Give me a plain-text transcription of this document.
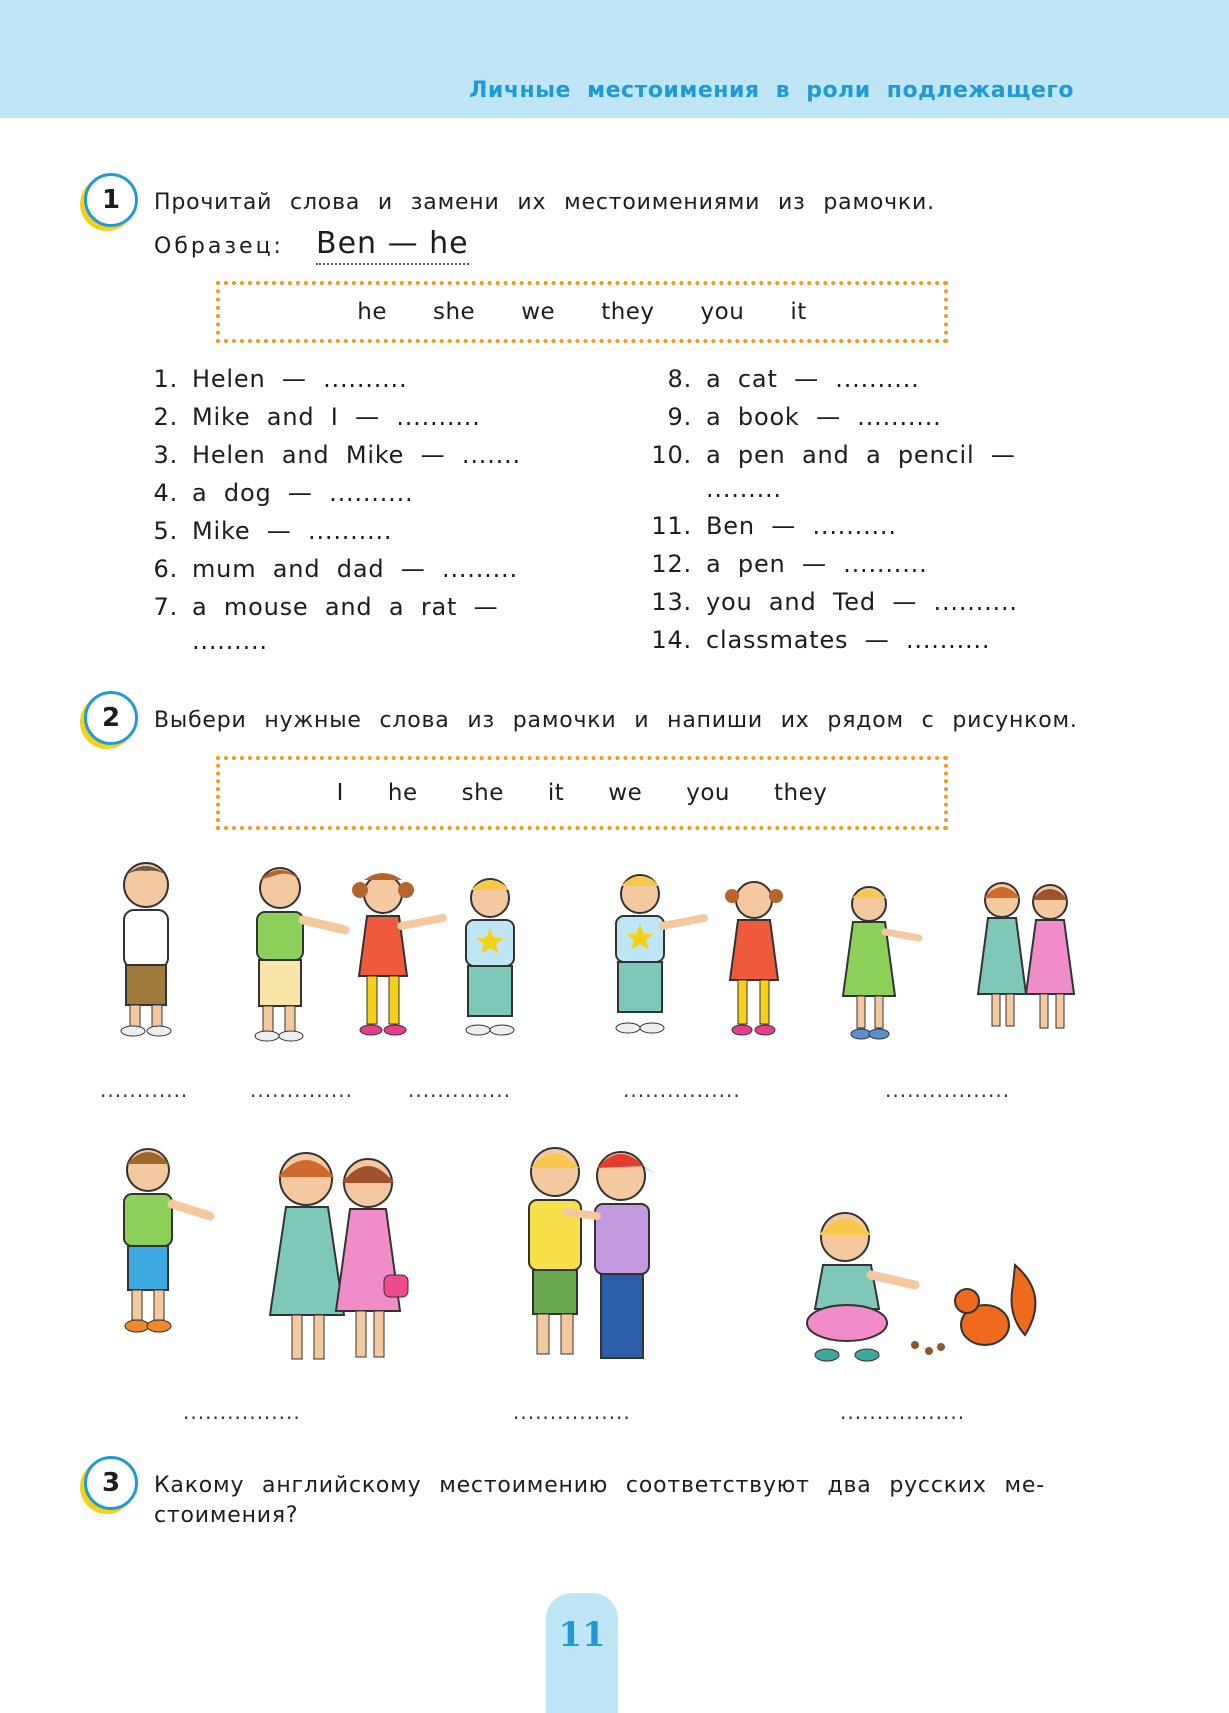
Личные местоимения в роли подлежащего
1	Прочитай слова и замени их местоимениями из рамочки.
Образец: Ben — he
he she we they you it
1. Helen — ..........
2. Mike and I — ..........
3. Helen and Mike — .......
4. a dog — ..........
5. Mike — ..........
6. mum and dad — .........
7. a mouse and a rat —
.........
8. a cat — ..........
9. a book — ..........
10. a pen and a pencil —
.........
11. Ben — ..........
12. a pen — ..........
13. you and Ted — ..........
14. classmates — ..........
2	Выбери нужные слова из рамочки и напиши их рядом с рисунком.
I he she it we you they
............	..............	..............	................	.................
................	................	.................
3	Какому английскому местоимению соответствуют два русских ме-
стоимения?
11
